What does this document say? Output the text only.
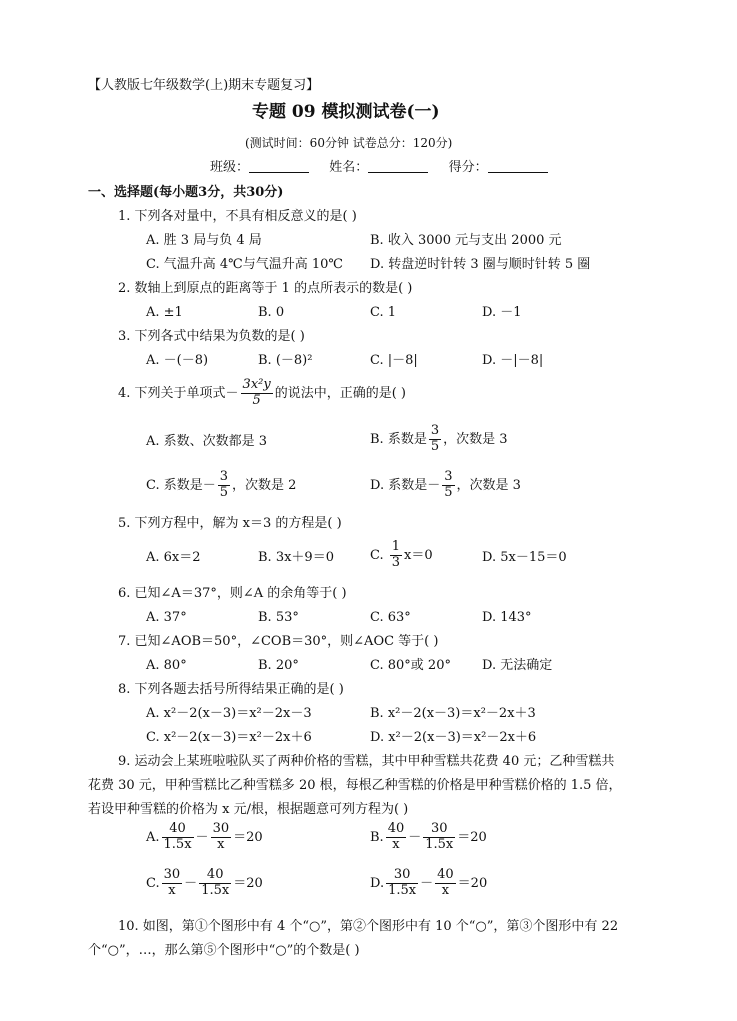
【人教版七年级数学(上)期末专题复习】
专题 09 模拟测试卷(一)
(测试时间：60分钟 试卷总分：120分)
班级：	姓名：	得分：
一、选择题(每小题3分，共30分)
1. 下列各对量中，不具有相反意义的是( )
A. 胜 3 局与负 4 局	B. 收入 3000 元与支出 2000 元
C. 气温升高 4℃与气温升高 10℃ D. 转盘逆时针转 3 圈与顺时针转 5 圈
2. 数轴上到原点的距离等于 1 的点所表示的数是( )
A. ±1	B. 0	C. 1	D. －1
3. 下列各式中结果为负数的是( )
A. －(－8)	B. (－8)²	C. |－8|	D. －|－8|
4. 下列关于单项式－ $\frac{\text{3x²y}}{5}$ 的说法中，正确的是( )
A. 系数、次数都是 3	B. 系数是 $\frac{3}{5}$ ，次数是 3
C. 系数是－ $\frac{3}{5}$ ，次数是 2	D. 系数是－ $\frac{3}{5}$ ，次数是 3
5. 下列方程中，解为 x＝3 的方程是( )
A. 6x＝2	B. 3x＋9＝0	C. $\frac{1}{3} x=0$	D. 5x－15＝0
6. 已知∠A＝37°，则∠A 的余角等于( )
A. 37°	B. 53°	C. 63°	D. 143°
7. 已知∠AOB＝50°，∠COB＝30°，则∠AOC 等于( )
A. 80°	B. 20°	C. 80°或 20° D. 无法确定
8. 下列各题去括号所得结果正确的是( )
A. x²－2(x－3)＝x²－2x－3	B. x²－2(x－3)＝x²－2x＋3
C. x²－2(x－3)＝x²－2x＋6	D. x²－2(x－3)＝x²－2x＋6
9. 运动会上某班啦啦队买了两种价格的雪糕，其中甲种雪糕共花费 40 元；乙种雪糕共
花费 30 元，甲种雪糕比乙种雪糕多 20 根，每根乙种雪糕的价格是甲种雪糕价格的 1.5 倍，
若设甲种雪糕的价格为 x 元/根，根据题意可列方程为( )
A. $\frac{40}{1.5x} - \frac{30}{x} =20$	B. $\frac{40}{x} - \frac{30}{1.5x} =20$
C. $\frac{30}{x} - \frac{40}{1.5x} =20$	D. $\frac{30}{1.5x} - \frac{40}{x} =20$
10. 如图，第①个图形中有 4 个“○”，第②个图形中有 10 个“○”，第③个图形中有 22
个“○”，…，那么第⑤个图形中“○”的个数是( )
